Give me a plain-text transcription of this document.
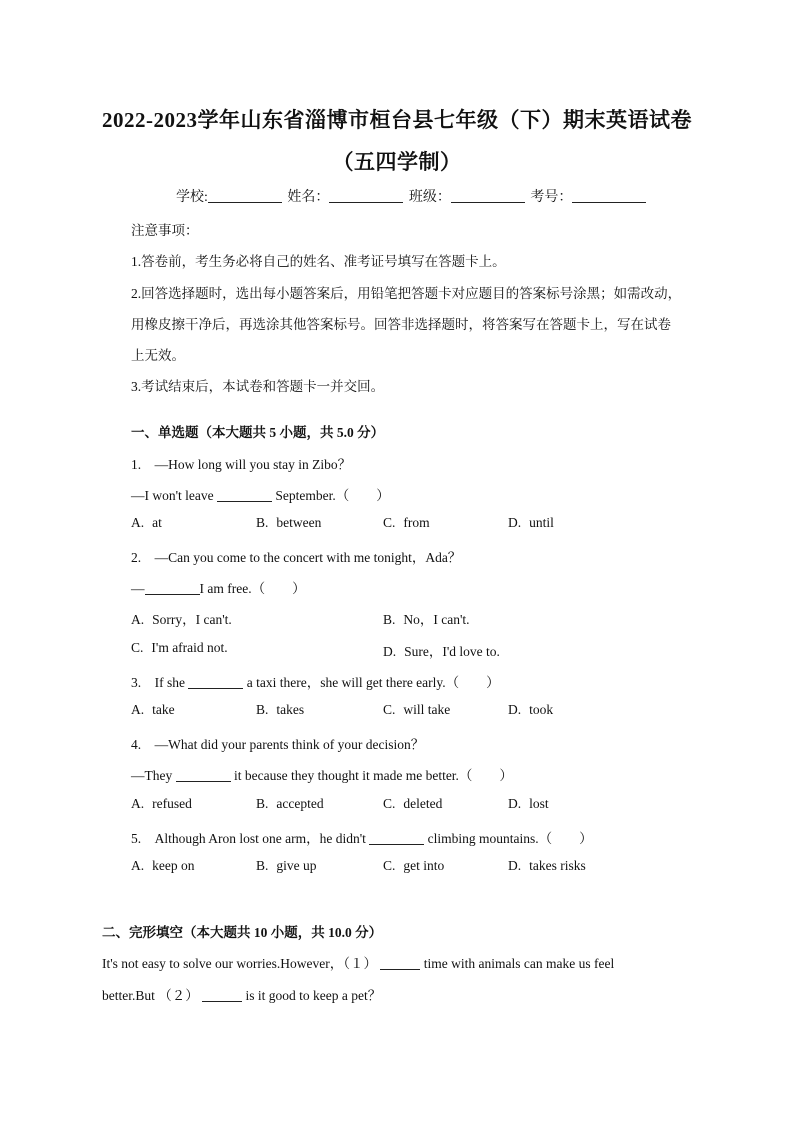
2022-2023学年山东省淄博市桓台县七年级（下）期末英语试卷
（五四学制）
学校:	姓名：	班级：	考号：
注意事项：
1.答卷前，考生务必将自己的姓名、准考证号填写在答题卡上。
2.回答选择题时，选出每小题答案后，用铅笔把答题卡对应题目的答案标号涂黑；如需改动，
用橡皮擦干净后，再选涂其他答案标号。回答非选择题时，将答案写在答题卡上，写在试卷
上无效。
3.考试结束后，本试卷和答题卡一并交回。
一、单选题（本大题共 5 小题，共 5.0 分）
1.　—How long will you stay in Zibo？
—I won't leave	September.（　　）
A. at	B. between	C. from	D. until
2.　—Can you come to the concert with me tonight，Ada？
—	I am free.（　　）
A. Sorry，I can't.	B. No，I can't.
C. I'm afraid not.	D. Sure，I'd love to.
3.　If she	a taxi there，she will get there early.（　　）
A. take	B. takes	C. will take	D. took
4.　—What did your parents think of your decision？
—They	it because they thought it made me better.（　　）
A. refused	B. accepted	C. deleted	D. lost
5.　Although Aron lost one arm，he didn't	climbing mountains.（　　）
A. keep on	B. give up	C. get into	D. takes risks
二、完形填空（本大题共 10 小题，共 10.0 分）
It's not easy to solve our worries.However，（１）	time with animals can make us feel
better.But （２）	is it good to keep a pet？
